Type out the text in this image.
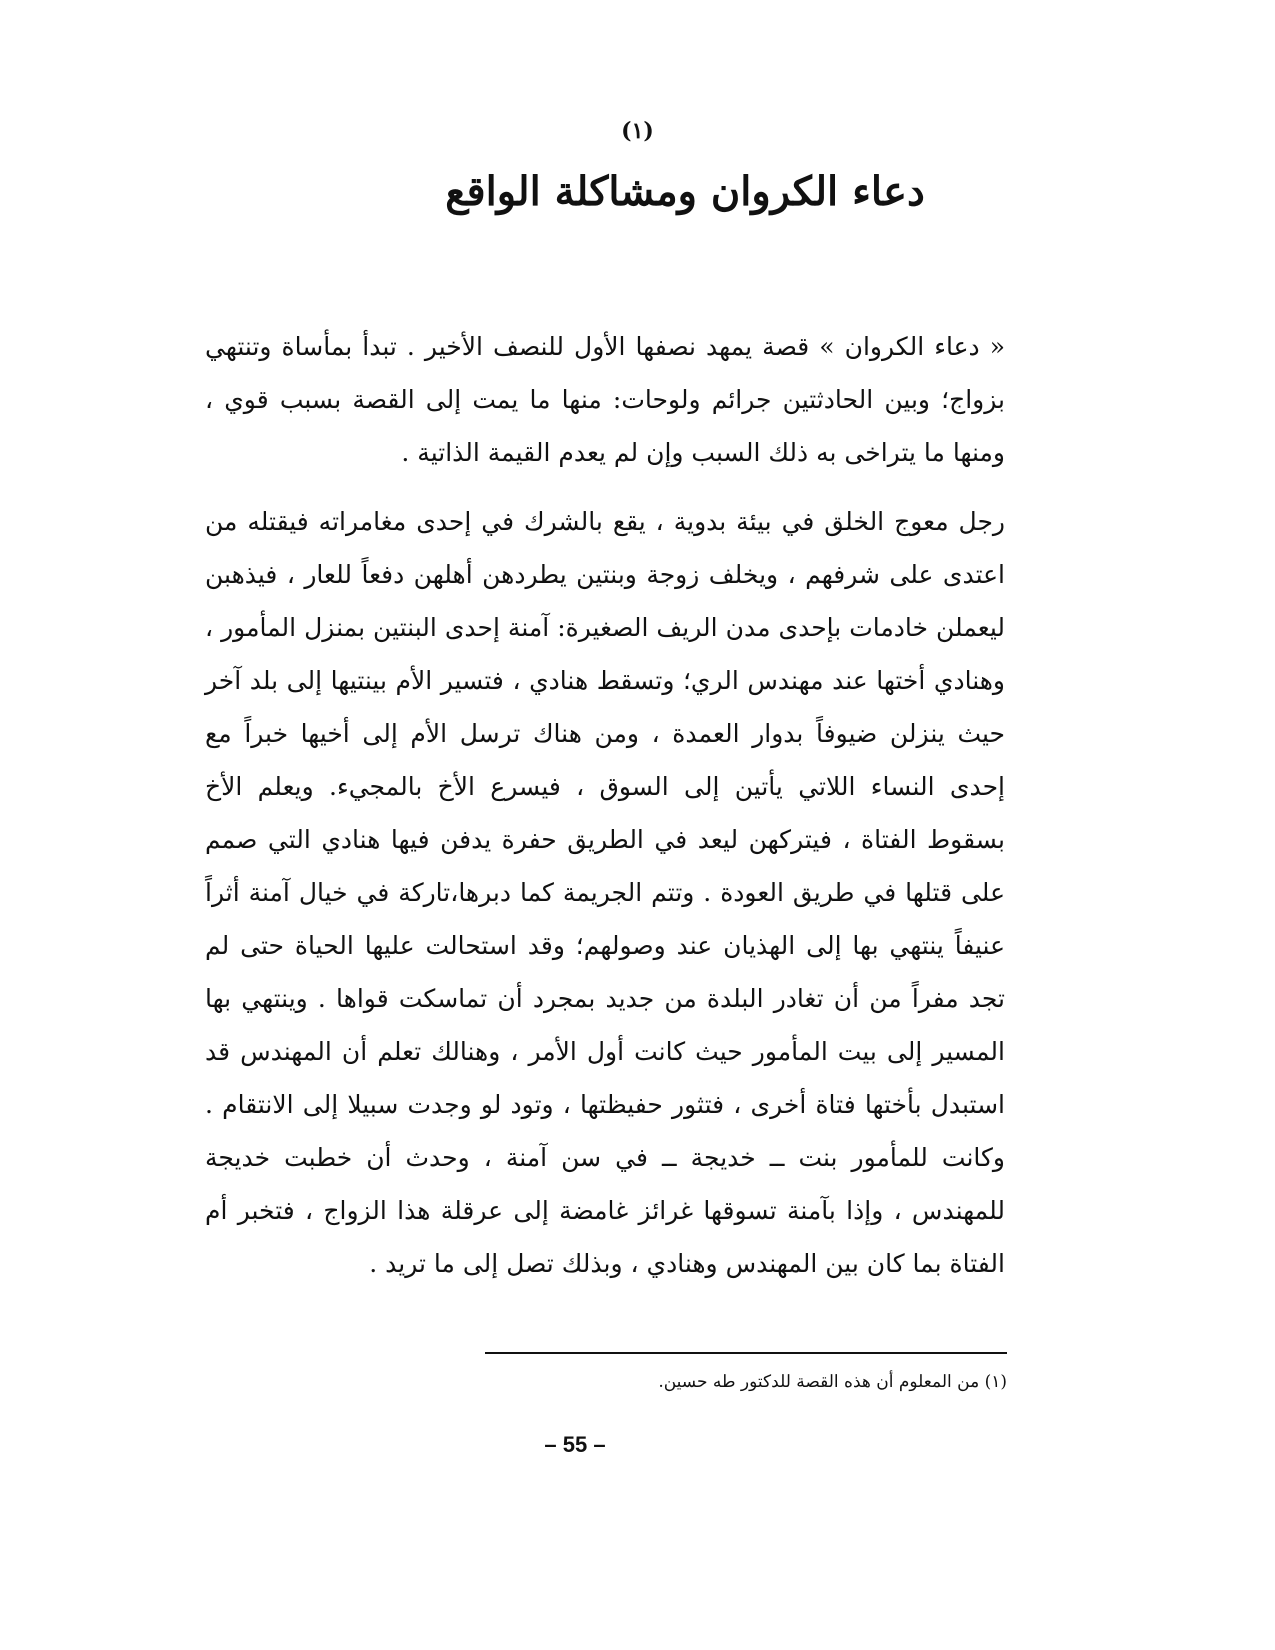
(١)
دعاء الكروان ومشاكلة الواقع

« دعاء الكروان » قصة يمهد نصفها الأول للنصف الأخير . تبدأ بمأساة وتنتهي بزواج؛ وبين الحادثتين جرائم ولوحات: منها ما يمت إلى القصة بسبب قوي ، ومنها ما يتراخى به ذلك السبب وإن لم يعدم القيمة الذاتية .

رجل معوج الخلق في بيئة بدوية ، يقع بالشرك في إحدى مغامراته فيقتله من اعتدى على شرفهم ، ويخلف زوجة وبنتين يطردهن أهلهن دفعاً للعار ، فيذهبن ليعملن خادمات بإحدى مدن الريف الصغيرة: آمنة إحدى البنتين بمنزل المأمور ، وهنادي أختها عند مهندس الري؛ وتسقط هنادي ، فتسير الأم بينتيها إلى بلد آخر حيث ينزلن ضيوفاً بدوار العمدة ، ومن هناك ترسل الأم إلى أخيها خبراً مع إحدى النساء اللاتي يأتين إلى السوق ، فيسرع الأخ بالمجيء. ويعلم الأخ بسقوط الفتاة ، فيتركهن ليعد في الطريق حفرة يدفن فيها هنادي التي صمم على قتلها في طريق العودة . وتتم الجريمة كما دبرها،تاركة في خيال آمنة أثراً عنيفاً ينتهي بها إلى الهذيان عند وصولهم؛ وقد استحالت عليها الحياة حتى لم تجد مفراً من أن تغادر البلدة من جديد بمجرد أن تماسكت قواها . وينتهي بها المسير إلى بيت المأمور حيث كانت أول الأمر ، وهنالك تعلم أن المهندس قد استبدل بأختها فتاة أخرى ، فتثور حفيظتها ، وتود لو وجدت سبيلا إلى الانتقام . وكانت للمأمور بنت ــ خديجة ــ في سن آمنة ، وحدث أن خطبت خديجة للمهندس ، وإذا بآمنة تسوقها غرائز غامضة إلى عرقلة هذا الزواج ، فتخبر أم الفتاة بما كان بين المهندس وهنادي ، وبذلك تصل إلى ما تريد .

(١) من المعلوم أن هذه القصة للدكتور طه حسين.
– 55 –
